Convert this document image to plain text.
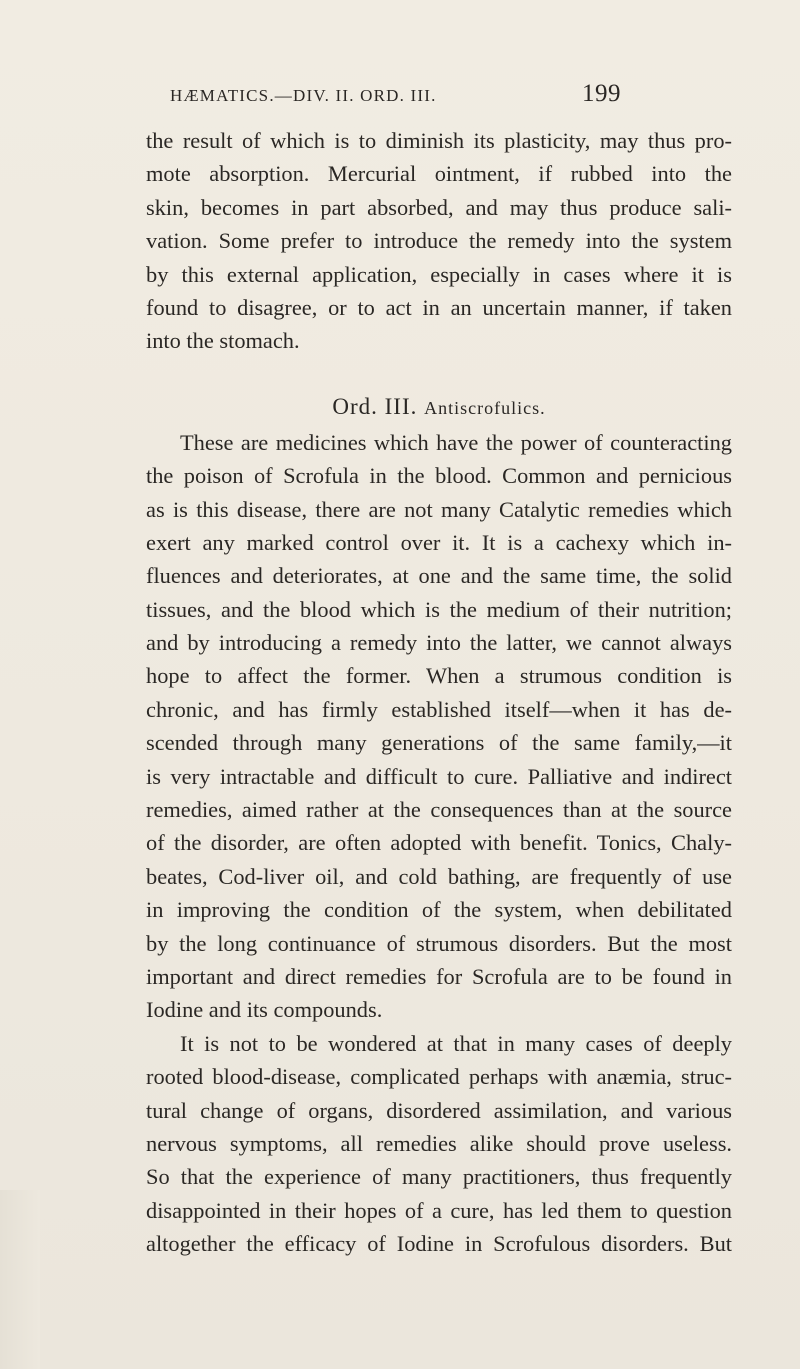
HÆMATICS.—DIV. II. ORD. III.	199
the result of which is to diminish its plasticity, may thus pro-
mote absorption. Mercurial ointment, if rubbed into the
skin, becomes in part absorbed, and may thus produce sali-
vation. Some prefer to introduce the remedy into the system
by this external application, especially in cases where it is
found to disagree, or to act in an uncertain manner, if taken
into the stomach.
Ord. III. Antiscrofulics.
These are medicines which have the power of counteracting
the poison of Scrofula in the blood. Common and pernicious
as is this disease, there are not many Catalytic remedies which
exert any marked control over it. It is a cachexy which in-
fluences and deteriorates, at one and the same time, the solid
tissues, and the blood which is the medium of their nutrition;
and by introducing a remedy into the latter, we cannot always
hope to affect the former. When a strumous condition is
chronic, and has firmly established itself—when it has de-
scended through many generations of the same family,—it
is very intractable and difficult to cure. Palliative and indirect
remedies, aimed rather at the consequences than at the source
of the disorder, are often adopted with benefit. Tonics, Chaly-
beates, Cod-liver oil, and cold bathing, are frequently of use
in improving the condition of the system, when debilitated
by the long continuance of strumous disorders. But the most
important and direct remedies for Scrofula are to be found in
Iodine and its compounds.
It is not to be wondered at that in many cases of deeply
rooted blood-disease, complicated perhaps with anæmia, struc-
tural change of organs, disordered assimilation, and various
nervous symptoms, all remedies alike should prove useless.
So that the experience of many practitioners, thus frequently
disappointed in their hopes of a cure, has led them to question
altogether the efficacy of Iodine in Scrofulous disorders. But
